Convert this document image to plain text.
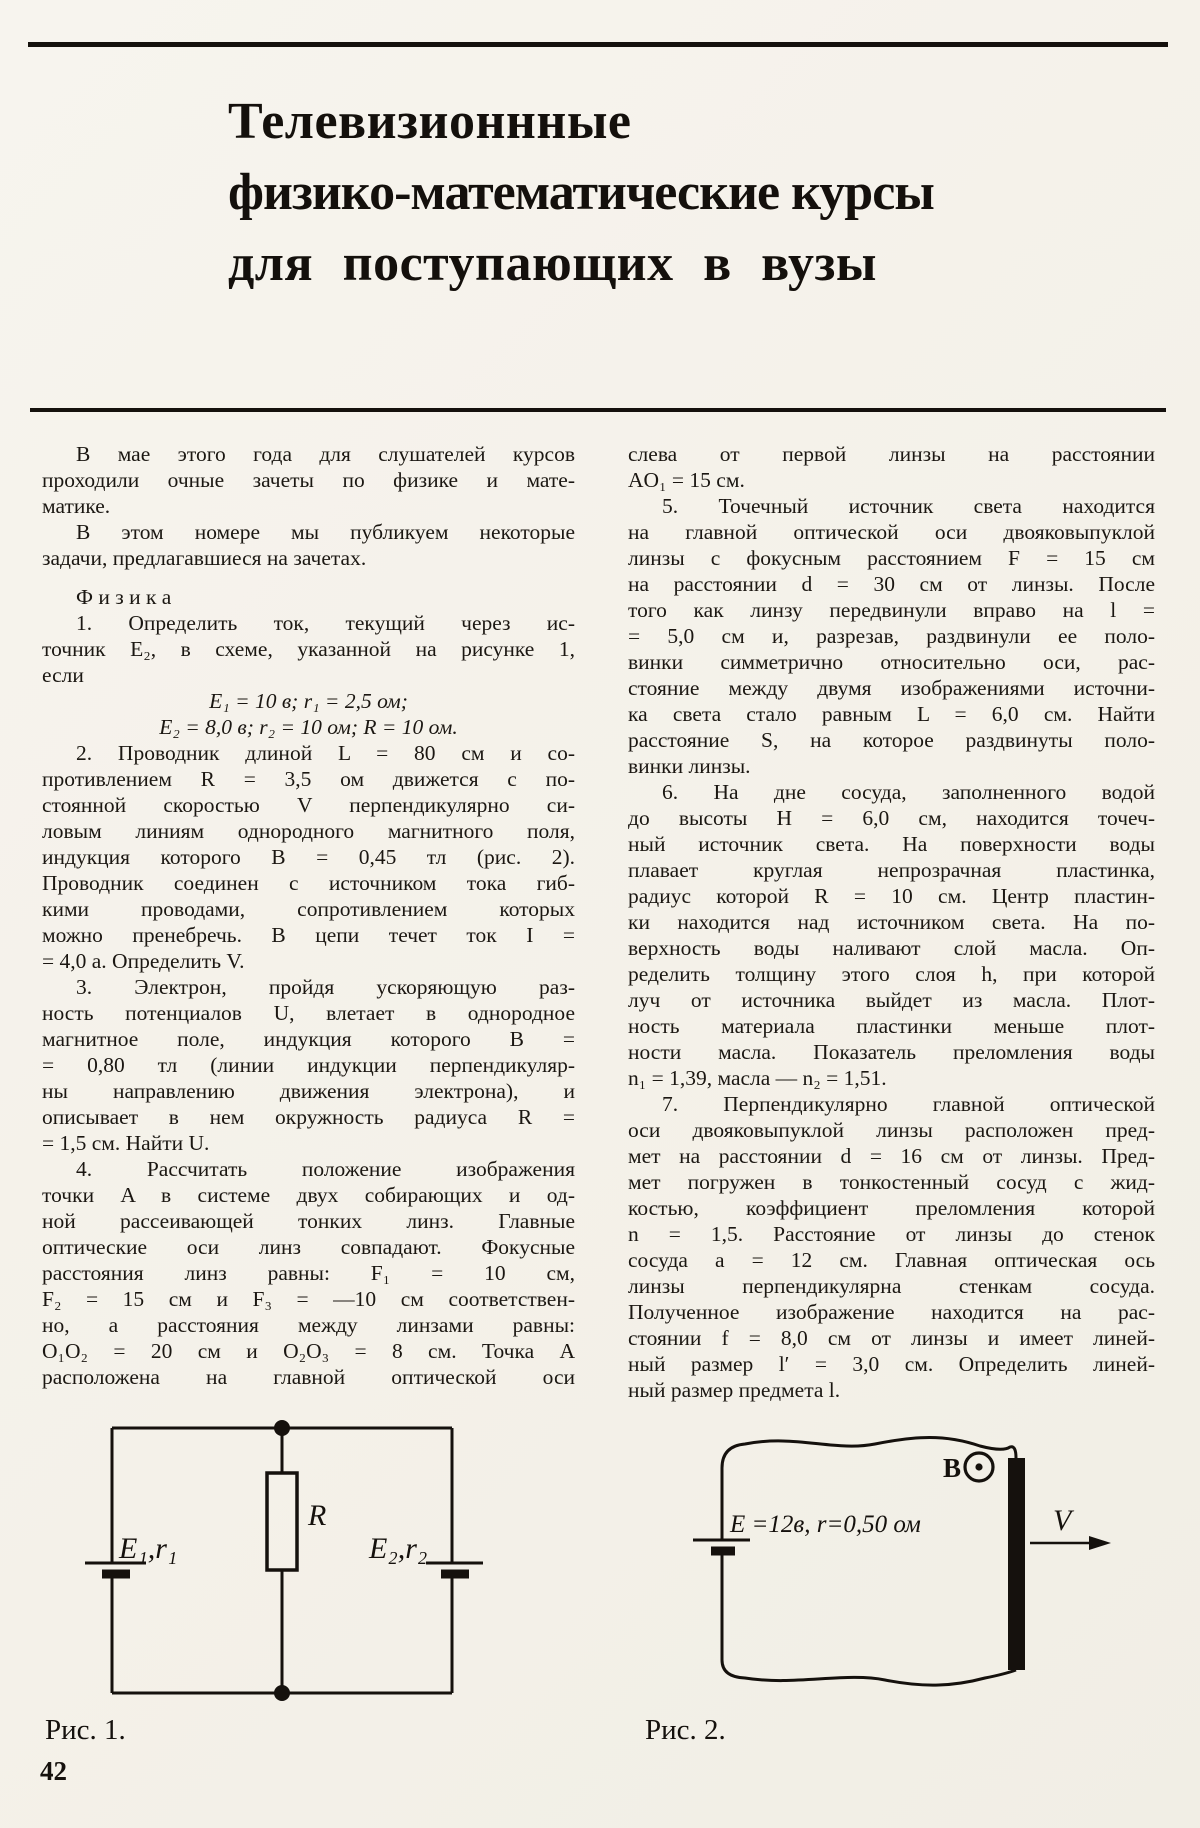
Телевизионнные
физико-математические курсы
для поступающих в вузы
В мае этого года для слушателей курсов
проходили очные зачеты по физике и мате-
матике.
В этом номере мы публикуем некоторые
задачи, предлагавшиеся на зачетах.
Ф и з и к а
1. Определить ток, текущий через ис-
точник E₂, в схеме, указанной на рисунке 1,
если
E₁ = 10 в; r₁ = 2,5 ом;
E₂ = 8,0 в; r₂ = 10 ом; R = 10 ом.
2. Проводник длиной L = 80 см и со-
противлением R = 3,5 ом движется с по-
стоянной скоростью V перпендикулярно си-
ловым линиям однородного магнитного поля,
индукция которого B = 0,45 тл (рис. 2).
Проводник соединен с источником тока гиб-
кими проводами, сопротивлением которых
можно пренебречь. В цепи течет ток I =
= 4,0 а. Определить V.
3. Электрон, пройдя ускоряющую раз-
ность потенциалов U, влетает в однородное
магнитное поле, индукция которого B =
= 0,80 тл (линии индукции перпендикуляр-
ны направлению движения электрона), и
описывает в нем окружность радиуса R =
= 1,5 см. Найти U.
4. Рассчитать положение изображения
точки A в системе двух собирающих и од-
ной рассеивающей тонких линз. Главные
оптические оси линз совпадают. Фокусные
расстояния линз равны: F₁ = 10 см,
F₂ = 15 см и F₃ = —10 см соответствен-
но, а расстояния между линзами равны:
O₁O₂ = 20 см и O₂O₃ = 8 см. Точка A
расположена на главной оптической оси
слева от первой линзы на расстоянии
AO₁ = 15 см.
5. Точечный источник света находится
на главной оптической оси двояковыпуклой
линзы с фокусным расстоянием F = 15 см
на расстоянии d = 30 см от линзы. После
того как линзу передвинули вправо на l =
= 5,0 см и, разрезав, раздвинули ее поло-
винки симметрично относительно оси, рас-
стояние между двумя изображениями источни-
ка света стало равным L = 6,0 см. Найти
расстояние S, на которое раздвинуты поло-
винки линзы.
6. На дне сосуда, заполненного водой
до высоты H = 6,0 см, находится точеч-
ный источник света. На поверхности воды
плавает круглая непрозрачная пластинка,
радиус которой R = 10 см. Центр пластин-
ки находится над источником света. На по-
верхность воды наливают слой масла. Оп-
ределить толщину этого слоя h, при которой
луч от источника выйдет из масла. Плот-
ность материала пластинки меньше плот-
ности масла. Показатель преломления воды
n₁ = 1,39, масла — n₂ = 1,51.
7. Перпендикулярно главной оптической
оси двояковыпуклой линзы расположен пред-
мет на расстоянии d = 16 см от линзы. Пред-
мет погружен в тонкостенный сосуд с жид-
костью, коэффициент преломления которой
n = 1,5. Расстояние от линзы до стенок
сосуда a = 12 см. Главная оптическая ось
линзы перпендикулярна стенкам сосуда.
Полученное изображение находится на рас-
стоянии f = 8,0 см от линзы и имеет линей-
ный размер l′ = 3,0 см. Определить линей-
ный размер предмета l.
E₁,r₁	E₂,r₂
R
Рис. 1.
В
V
E =12в, r=0,50 ом
Рис. 2.
42
